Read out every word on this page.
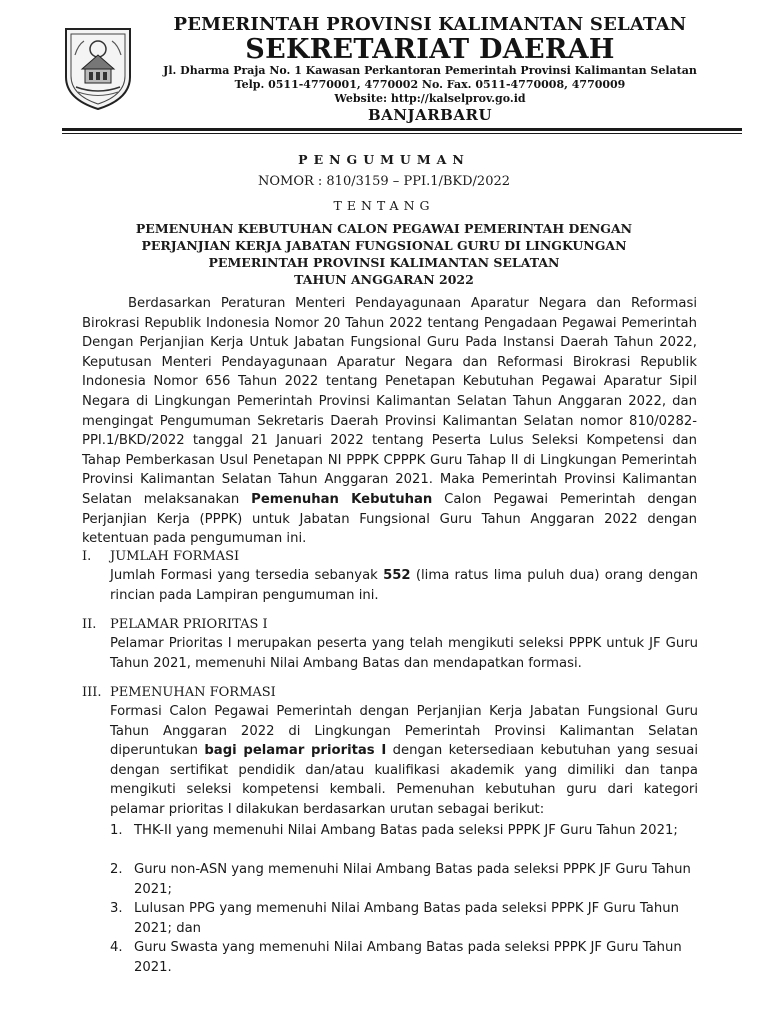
PEMERINTAH PROVINSI KALIMANTAN SELATAN
SEKRETARIAT DAERAH
Jl. Dharma Praja No. 1 Kawasan Perkantoran Pemerintah Provinsi Kalimantan Selatan
Telp. 0511-4770001, 4770002 No. Fax. 0511-4770008, 4770009
Website: http://kalselprov.go.id
BANJARBARU
PENGUMUMAN
NOMOR : 810/3159 – PPI.1/BKD/2022
TENTANG
PEMENUHAN KEBUTUHAN CALON PEGAWAI PEMERINTAH DENGAN
PERJANJIAN KERJA JABATAN FUNGSIONAL GURU DI LINGKUNGAN
PEMERINTAH PROVINSI KALIMANTAN SELATAN
TAHUN ANGGARAN 2022
Berdasarkan Peraturan Menteri Pendayagunaan Aparatur Negara dan Reformasi Birokrasi Republik Indonesia Nomor 20 Tahun 2022 tentang Pengadaan Pegawai Pemerintah Dengan Perjanjian Kerja Untuk Jabatan Fungsional Guru Pada Instansi Daerah Tahun 2022, Keputusan Menteri Pendayagunaan Aparatur Negara dan Reformasi Birokrasi Republik Indonesia Nomor 656 Tahun 2022 tentang Penetapan Kebutuhan Pegawai Aparatur Sipil Negara di Lingkungan Pemerintah Provinsi Kalimantan Selatan Tahun Anggaran 2022, dan mengingat Pengumuman Sekretaris Daerah Provinsi Kalimantan Selatan nomor 810/0282-PPI.1/BKD/2022 tanggal 21 Januari 2022 tentang Peserta Lulus Seleksi Kompetensi dan Tahap Pemberkasan Usul Penetapan NI PPPK CPPPK Guru Tahap II di Lingkungan Pemerintah Provinsi Kalimantan Selatan Tahun Anggaran 2021. Maka Pemerintah Provinsi Kalimantan Selatan melaksanakan Pemenuhan Kebutuhan Calon Pegawai Pemerintah dengan Perjanjian Kerja (PPPK) untuk Jabatan Fungsional Guru Tahun Anggaran 2022 dengan ketentuan pada pengumuman ini.
I. JUMLAH FORMASI
Jumlah Formasi yang tersedia sebanyak 552 (lima ratus lima puluh dua) orang dengan rincian pada Lampiran pengumuman ini.
II. PELAMAR PRIORITAS I
Pelamar Prioritas I merupakan peserta yang telah mengikuti seleksi PPPK untuk JF Guru Tahun 2021, memenuhi Nilai Ambang Batas dan mendapatkan formasi.
III. PEMENUHAN FORMASI
Formasi Calon Pegawai Pemerintah dengan Perjanjian Kerja Jabatan Fungsional Guru Tahun Anggaran 2022 di Lingkungan Pemerintah Provinsi Kalimantan Selatan diperuntukan bagi pelamar prioritas I dengan ketersediaan kebutuhan yang sesuai dengan sertifikat pendidik dan/atau kualifikasi akademik yang dimiliki dan tanpa mengikuti seleksi kompetensi kembali. Pemenuhan kebutuhan guru dari kategori pelamar prioritas I dilakukan berdasarkan urutan sebagai berikut:
1. THK-II yang memenuhi Nilai Ambang Batas pada seleksi PPPK JF Guru Tahun 2021;
2. Guru non-ASN yang memenuhi Nilai Ambang Batas pada seleksi PPPK JF Guru Tahun 2021;
3. Lulusan PPG yang memenuhi Nilai Ambang Batas pada seleksi PPPK JF Guru Tahun 2021; dan
4. Guru Swasta yang memenuhi Nilai Ambang Batas pada seleksi PPPK JF Guru Tahun 2021.
